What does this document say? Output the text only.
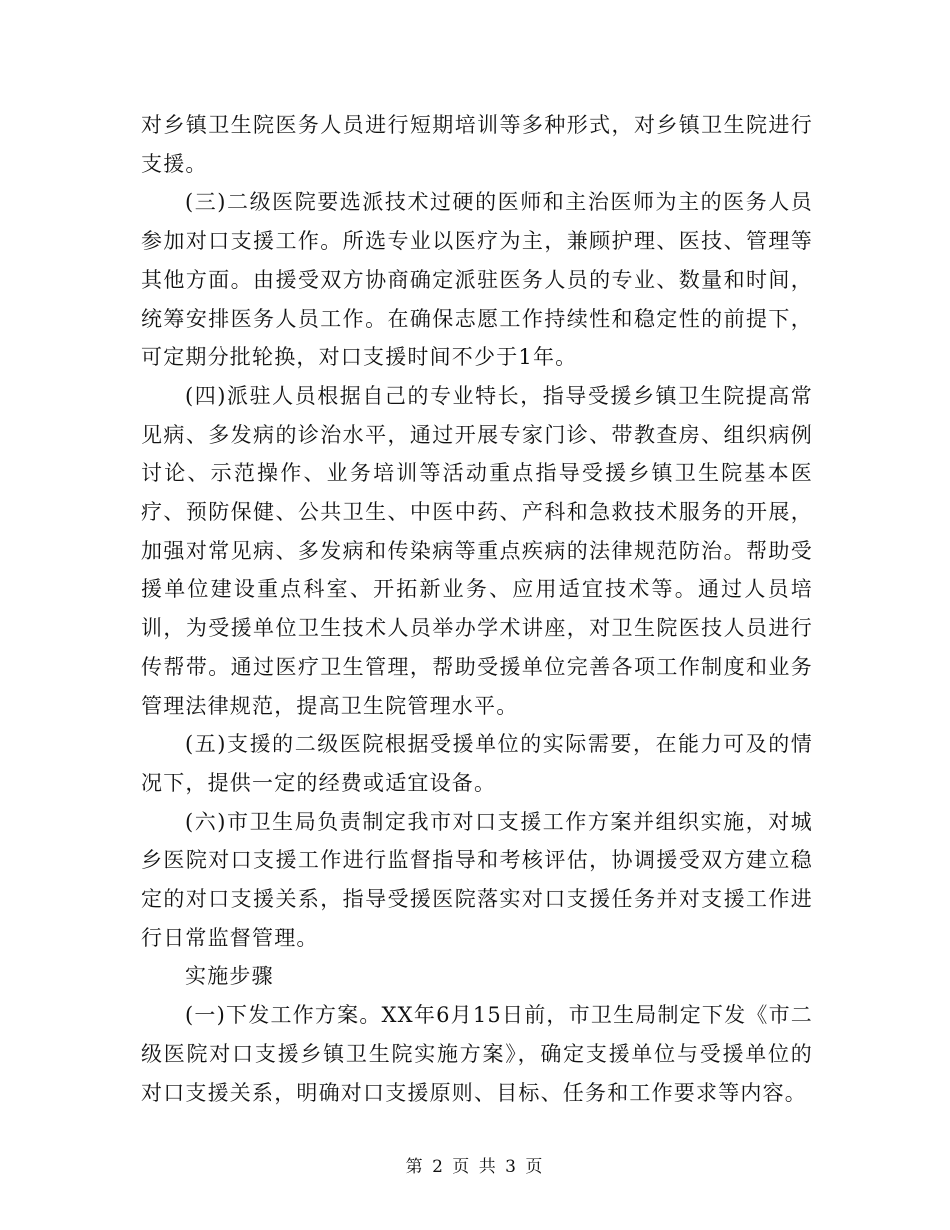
对乡镇卫生院医务人员进行短期培训等多种形式，对乡镇卫生院进行支援。

(三)二级医院要选派技术过硬的医师和主治医师为主的医务人员参加对口支援工作。所选专业以医疗为主，兼顾护理、医技、管理等其他方面。由援受双方协商确定派驻医务人员的专业、数量和时间，统筹安排医务人员工作。在确保志愿工作持续性和稳定性的前提下，可定期分批轮换，对口支援时间不少于1年。

(四)派驻人员根据自己的专业特长，指导受援乡镇卫生院提高常见病、多发病的诊治水平，通过开展专家门诊、带教查房、组织病例讨论、示范操作、业务培训等活动重点指导受援乡镇卫生院基本医疗、预防保健、公共卫生、中医中药、产科和急救技术服务的开展，加强对常见病、多发病和传染病等重点疾病的法律规范防治。帮助受援单位建设重点科室、开拓新业务、应用适宜技术等。通过人员培训，为受援单位卫生技术人员举办学术讲座，对卫生院医技人员进行传帮带。通过医疗卫生管理，帮助受援单位完善各项工作制度和业务管理法律规范，提高卫生院管理水平。

(五)支援的二级医院根据受援单位的实际需要，在能力可及的情况下，提供一定的经费或适宜设备。

(六)市卫生局负责制定我市对口支援工作方案并组织实施，对城乡医院对口支援工作进行监督指导和考核评估，协调援受双方建立稳定的对口支援关系，指导受援医院落实对口支援任务并对支援工作进行日常监督管理。

实施步骤

(一)下发工作方案。XX年6月15日前，市卫生局制定下发《市二级医院对口支援乡镇卫生院实施方案》，确定支援单位与受援单位的对口支援关系，明确对口支援原则、目标、任务和工作要求等内容。

第 2 页 共 3 页
